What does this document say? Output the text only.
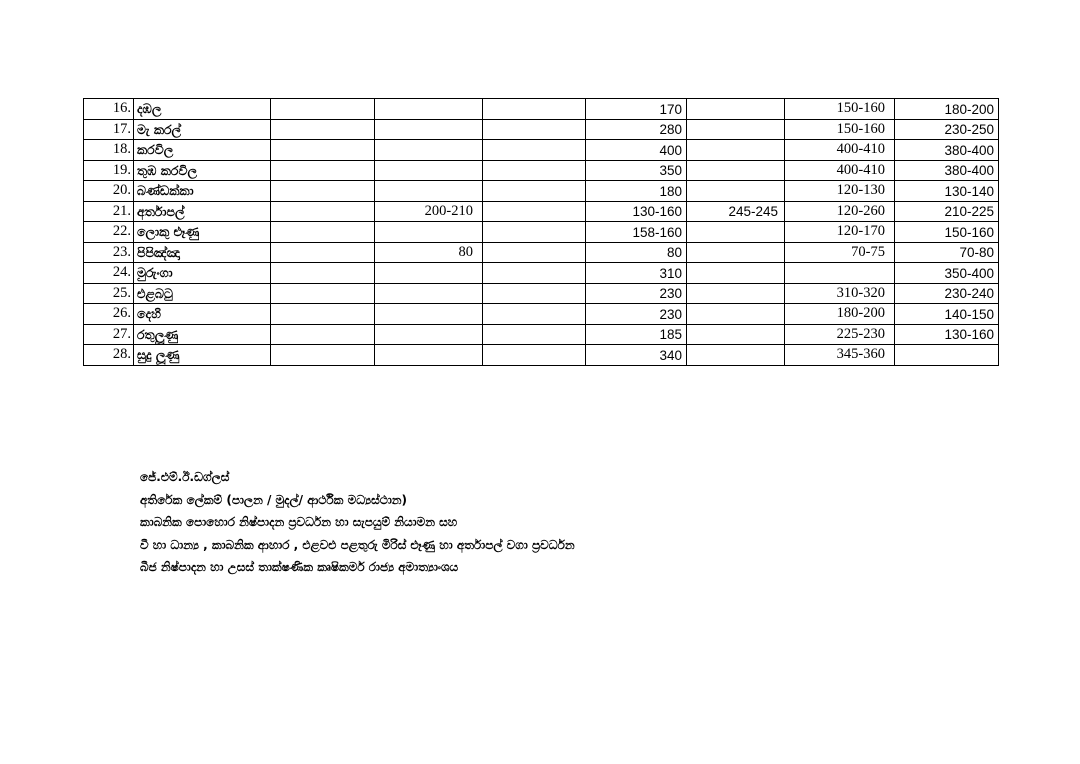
16.	දඹල				170		150-160	180-200
17.	මැ කරල්				280		150-160	230-250
18.	කරවිල				400		400-410	380-400
19.	තුඹ කරවිල				350		400-410	380-400
20.	බණ්ඩක්කා				180		120-130	130-140
21.	අර්තාපල්		200-210		130-160	245-245	120-260	210-225
22.	ලොකු ළූණු				158-160		120-170	150-160
23.	පිපිඤ්ඤා		80		80		70-75	70-80
24.	මුරුංගා				310			350-400
25.	එළබටු				230		310-320	230-240
26.	දෙහි				230		180-200	140-150
27.	රතුලූණු				185		225-230	130-160
28.	සුදු ලූණු				340		345-360	
ජේ.එම්.ඊ.ඩග්ලස්
අතිරේක ලේකම් (පාලන / මුදල්/ ආර්ථික මධ්‍යස්ථාන)
කාබනික පොහොර නිෂ්පාදන ප්‍රවර්ධන හා සැපයුම් නියාමන සහ
වී හා ධාන්‍ය , කාබනික ආහාර , එළවළු පළතුරු මිරිස් ළූණු හා අර්තාපල් වගා ප්‍රවර්ධන
බීජ නිෂ්පාදන හා උසස් තාක්ෂණික කෘෂිකර්ම රාජ්‍ය අමාත්‍යාංශය
